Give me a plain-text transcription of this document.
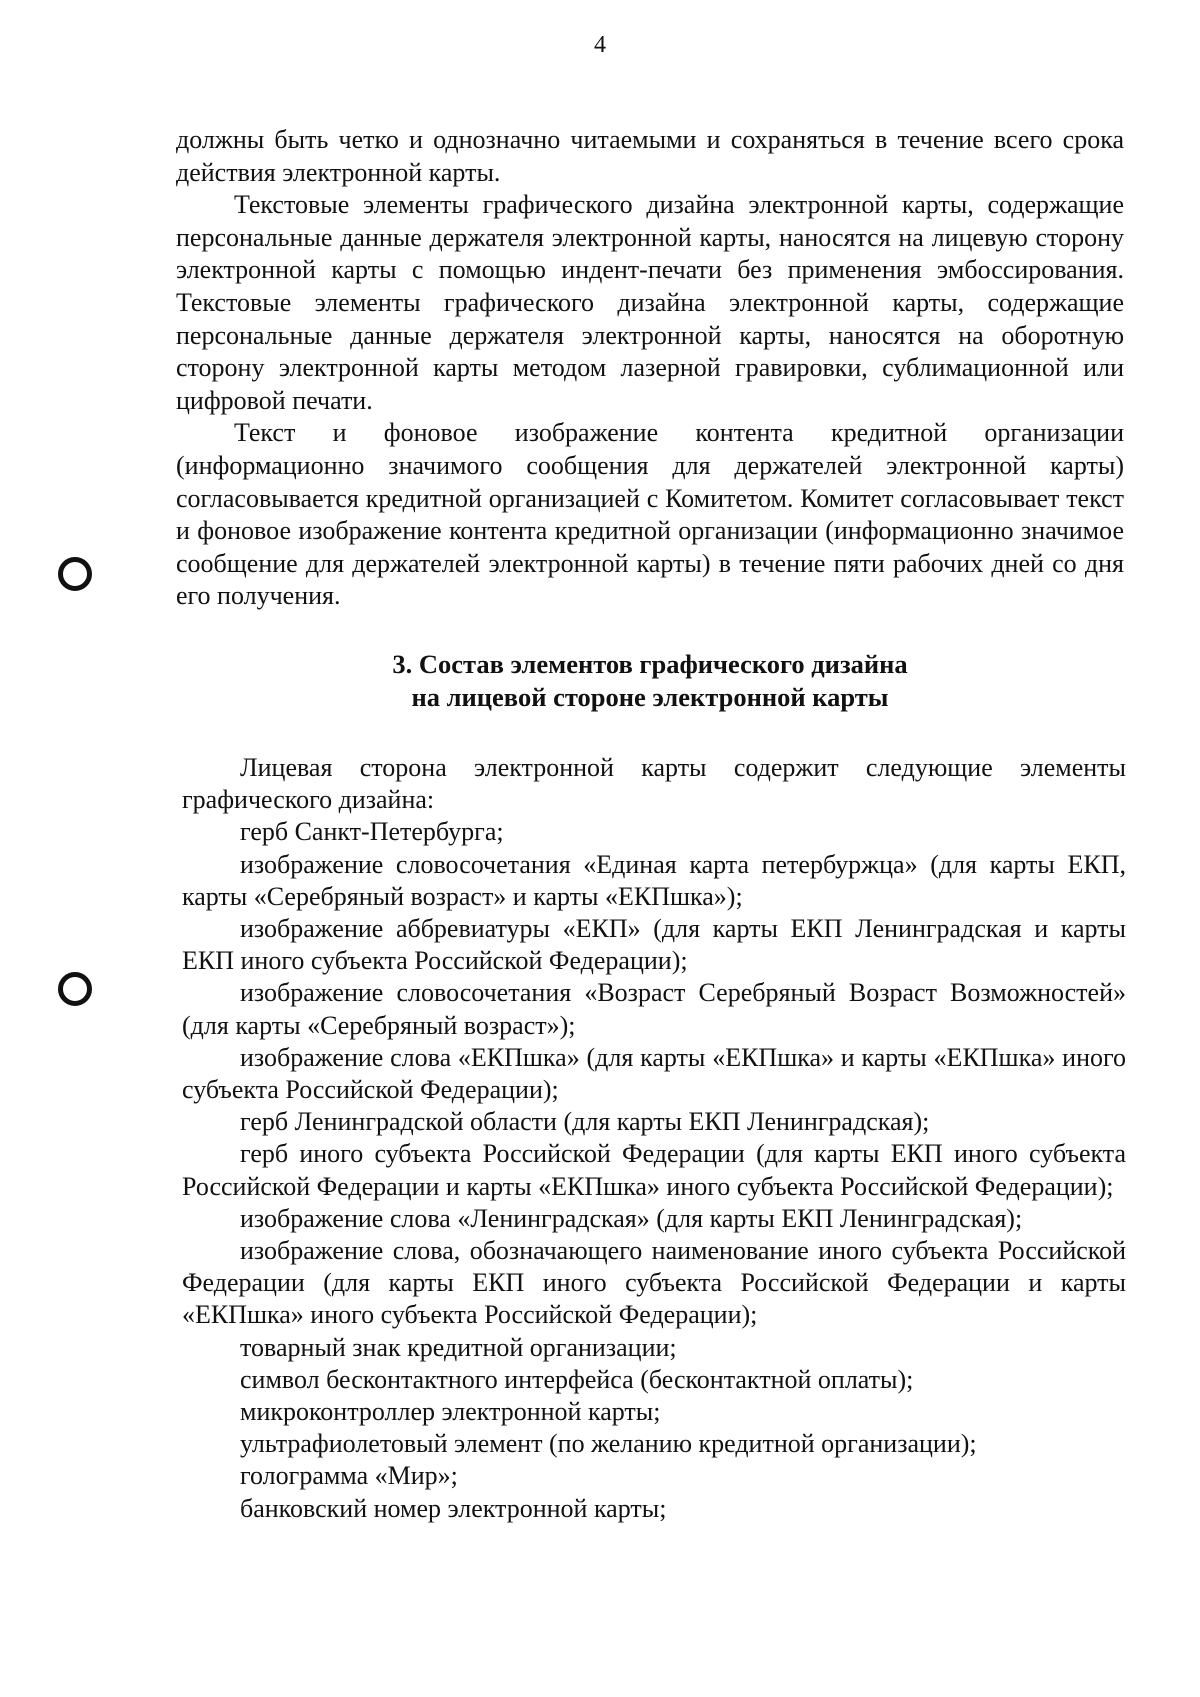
4

должны быть четко и однозначно читаемыми и сохраняться в течение всего срока действия электронной карты.

Текстовые элементы графического дизайна электронной карты, содержащие персональные данные держателя электронной карты, наносятся на лицевую сторону электронной карты с помощью индент-печати без применения эмбоссирования. Текстовые элементы графического дизайна электронной карты, содержащие персональные данные держателя электронной карты, наносятся на оборотную сторону электронной карты методом лазерной гравировки, сублимационной или цифровой печати.

Текст и фоновое изображение контента кредитной организации (информационно значимого сообщения для держателей электронной карты) согласовывается кредитной организацией с Комитетом. Комитет согласовывает текст и фоновое изображение контента кредитной организации (информационно значимое сообщение для держателей электронной карты) в течение пяти рабочих дней со дня его получения.

3. Состав элементов графического дизайна
на лицевой стороне электронной карты

Лицевая сторона электронной карты содержит следующие элементы графического дизайна:

герб Санкт-Петербурга;

изображение словосочетания «Единая карта петербуржца» (для карты ЕКП, карты «Серебряный возраст» и карты «ЕКПшка»);

изображение аббревиатуры «ЕКП» (для карты ЕКП Ленинградская и карты ЕКП иного субъекта Российской Федерации);

изображение словосочетания «Возраст Серебряный Возраст Возможностей» (для карты «Серебряный возраст»);

изображение слова «ЕКПшка» (для карты «ЕКПшка» и карты «ЕКПшка» иного субъекта Российской Федерации);

герб Ленинградской области (для карты ЕКП Ленинградская);

герб иного субъекта Российской Федерации (для карты ЕКП иного субъекта Российской Федерации и карты «ЕКПшка» иного субъекта Российской Федерации);

изображение слова «Ленинградская» (для карты ЕКП Ленинградская);

изображение слова, обозначающего наименование иного субъекта Российской Федерации (для карты ЕКП иного субъекта Российской Федерации и карты «ЕКПшка» иного субъекта Российской Федерации);

товарный знак кредитной организации;

символ бесконтактного интерфейса (бесконтактной оплаты);

микроконтроллер электронной карты;

ультрафиолетовый элемент (по желанию кредитной организации);

голограмма «Мир»;

банковский номер электронной карты;
